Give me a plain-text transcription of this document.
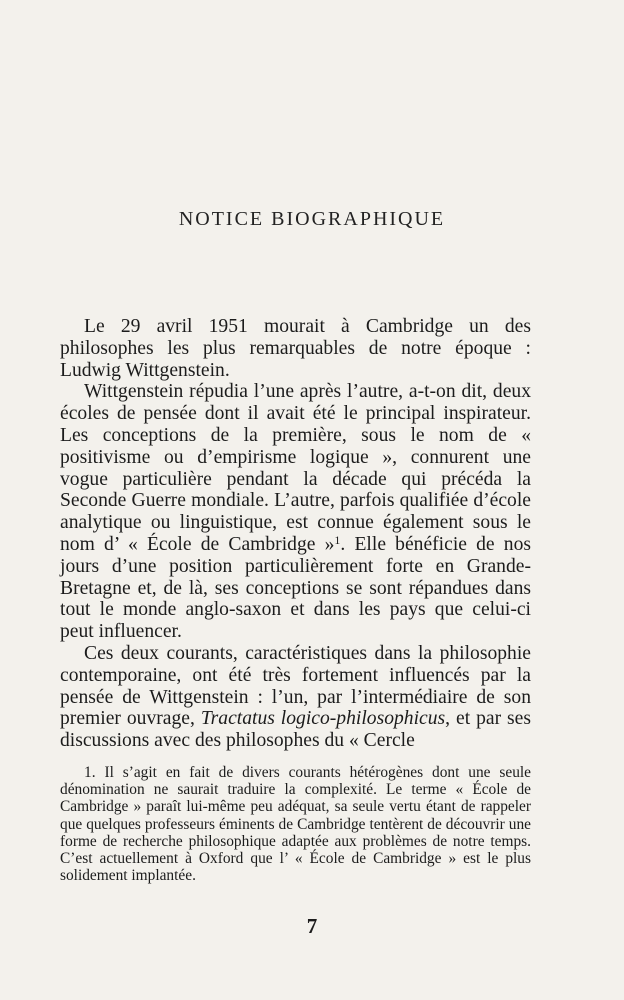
NOTICE BIOGRAPHIQUE

Le 29 avril 1951 mourait à Cambridge un des philosophes les plus remarquables de notre époque : Ludwig Wittgenstein.

Wittgenstein répudia l’une après l’autre, a-t-on dit, deux écoles de pensée dont il avait été le principal inspirateur. Les conceptions de la première, sous le nom de « positivisme ou d’empirisme logique », connurent une vogue particulière pendant la décade qui précéda la Seconde Guerre mondiale. L’autre, parfois qualifiée d’école analytique ou linguistique, est connue également sous le nom d’ « École de Cambridge »$^1$. Elle bénéficie de nos jours d’une position particulièrement forte en Grande-Bretagne et, de là, ses conceptions se sont répandues dans tout le monde anglo-saxon et dans les pays que celui-ci peut influencer.

Ces deux courants, caractéristiques dans la philosophie contemporaine, ont été très fortement influencés par la pensée de Wittgenstein : l’un, par l’intermédiaire de son premier ouvrage, Tractatus logico-philosophicus, et par ses discussions avec des philosophes du « Cercle

1. Il s’agit en fait de divers courants hétérogènes dont une seule dénomination ne saurait traduire la complexité. Le terme « École de Cambridge » paraît lui-même peu adéquat, sa seule vertu étant de rappeler que quelques professeurs éminents de Cambridge tentèrent de découvrir une forme de recherche philosophique adaptée aux problèmes de notre temps. C’est actuellement à Oxford que l’ « École de Cambridge » est le plus solidement implantée.

7
